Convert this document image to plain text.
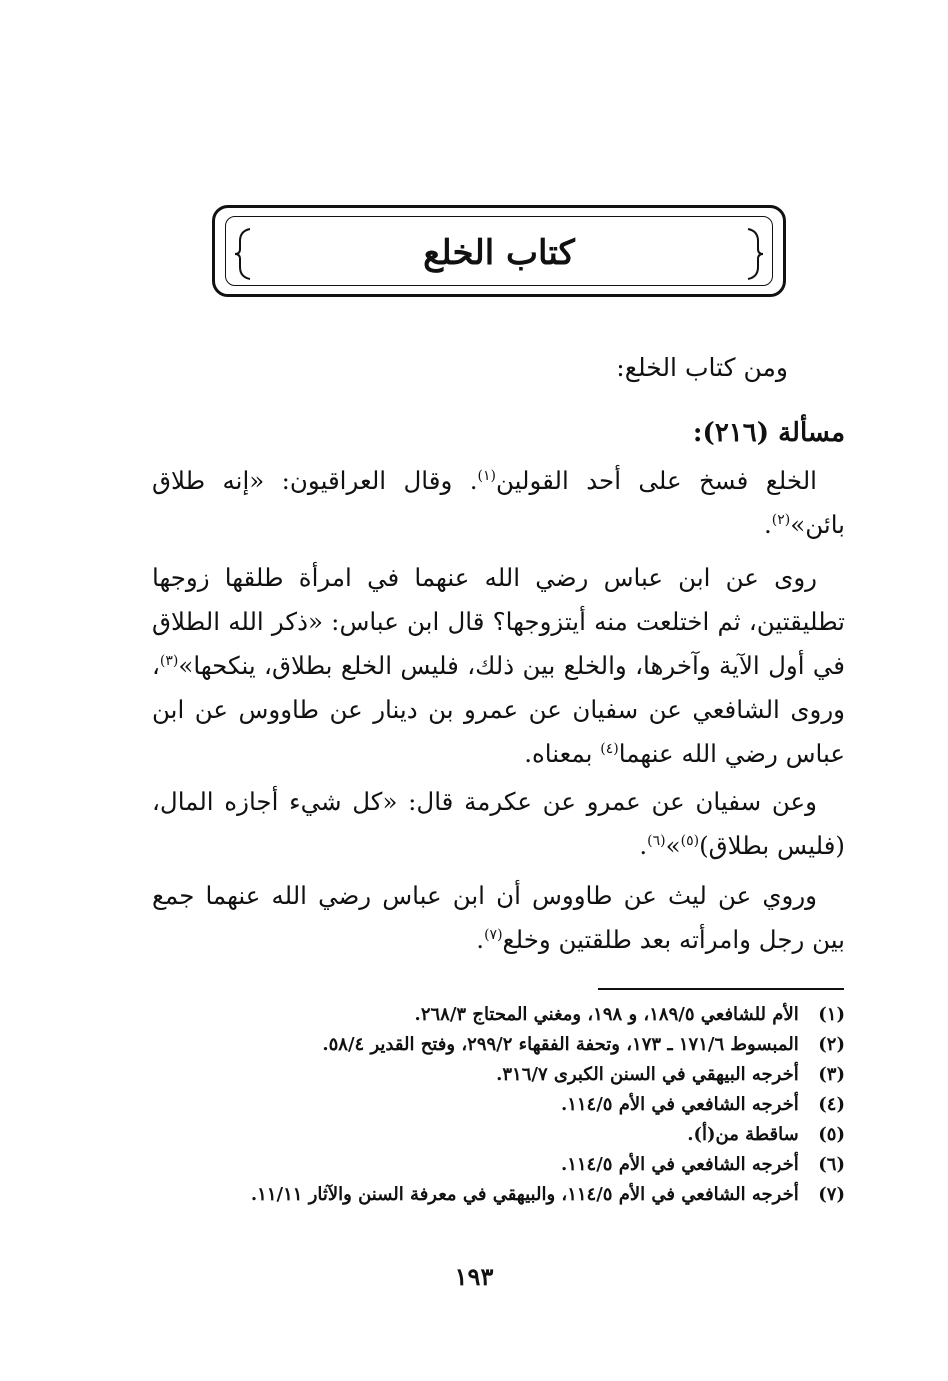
كتاب الخلع
ومن كتاب الخلع:
مسألة (٢١٦):
الخلع فسخ على أحد القولين$^{(١)}$. وقال العراقيون: «إنه طلاق بائن»$^{(٢)}$.
روى عن ابن عباس رضي الله عنهما في امرأة طلقها زوجها تطليقتين، ثم اختلعت منه أيتزوجها؟ قال ابن عباس: «ذكر الله الطلاق في أول الآية وآخرها، والخلع بين ذلك، فليس الخلع بطلاق، ينكحها»$^{(٣)}$، وروى الشافعي عن سفيان عن عمرو بن دينار عن طاووس عن ابن عباس رضي الله عنهما$^{(٤)}$ بمعناه.
وعن سفيان عن عمرو عن عكرمة قال: «كل شيء أجازه المال، (فليس بطلاق)$^{(٥)}$»$^{(٦)}$.
وروي عن ليث عن طاووس أن ابن عباس رضي الله عنهما جمع بين رجل وامرأته بعد طلقتين وخلع$^{(٧)}$.
(١) الأم للشافعي ١٨٩/٥، و ١٩٨، ومغني المحتاج ٢٦٨/٣.
(٢) المبسوط ١٧١/٦ ـ ١٧٣، وتحفة الفقهاء ٢٩٩/٢، وفتح القدير ٥٨/٤.
(٣) أخرجه البيهقي في السنن الكبرى ٣١٦/٧.
(٤) أخرجه الشافعي في الأم ١١٤/٥.
(٥) ساقطة من(أ).
(٦) أخرجه الشافعي في الأم ١١٤/٥.
(٧) أخرجه الشافعي في الأم ١١٤/٥، والبيهقي في معرفة السنن والآثار ١١/١١.
١٩٣
